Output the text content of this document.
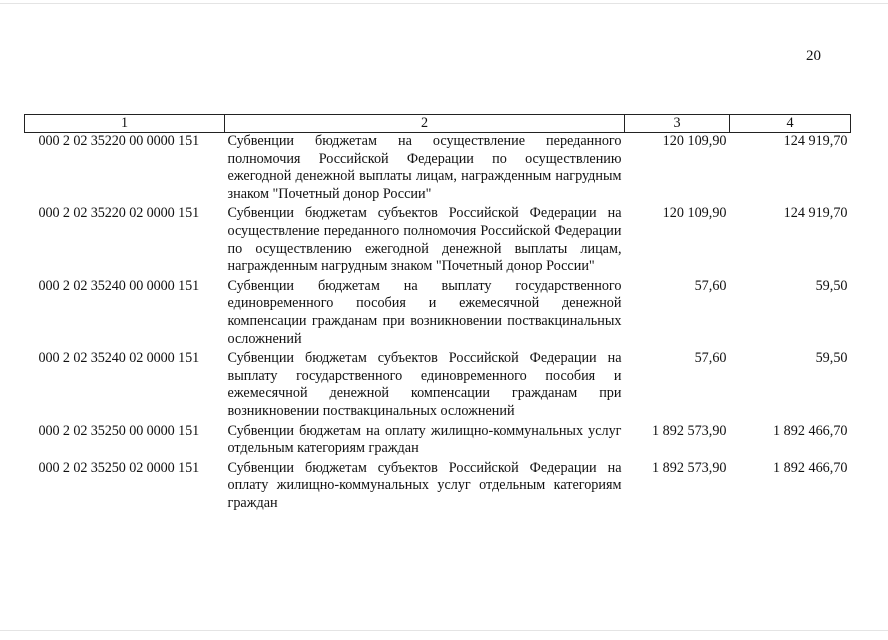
20
1	2	3	4
000 2 02 35220 00 0000 151	Субвенции бюджетам на осуществление переданного полномочия Российской Федерации по осуществлению ежегодной денежной выплаты лицам, награжденным нагрудным знаком "Почетный донор России"	120 109,90	124 919,70
000 2 02 35220 02 0000 151	Субвенции бюджетам субъектов Российской Федерации на осуществление переданного полномочия Российской Федерации по осуществлению ежегодной денежной выплаты лицам, награжденным нагрудным знаком "Почетный донор России"	120 109,90	124 919,70
000 2 02 35240 00 0000 151	Субвенции бюджетам на выплату государственного единовременного пособия и ежемесячной денежной компенсации гражданам при возникновении поствакцинальных осложнений	57,60	59,50
000 2 02 35240 02 0000 151	Субвенции бюджетам субъектов Российской Федерации на выплату государственного единовременного пособия и ежемесячной денежной компенсации гражданам при возникновении поствакцинальных осложнений	57,60	59,50
000 2 02 35250 00 0000 151	Субвенции бюджетам на оплату жилищно-коммунальных услуг отдельным категориям граждан	1 892 573,90	1 892 466,70
000 2 02 35250 02 0000 151	Субвенции бюджетам субъектов Российской Федерации на оплату жилищно-коммунальных услуг отдельным категориям граждан	1 892 573,90	1 892 466,70
